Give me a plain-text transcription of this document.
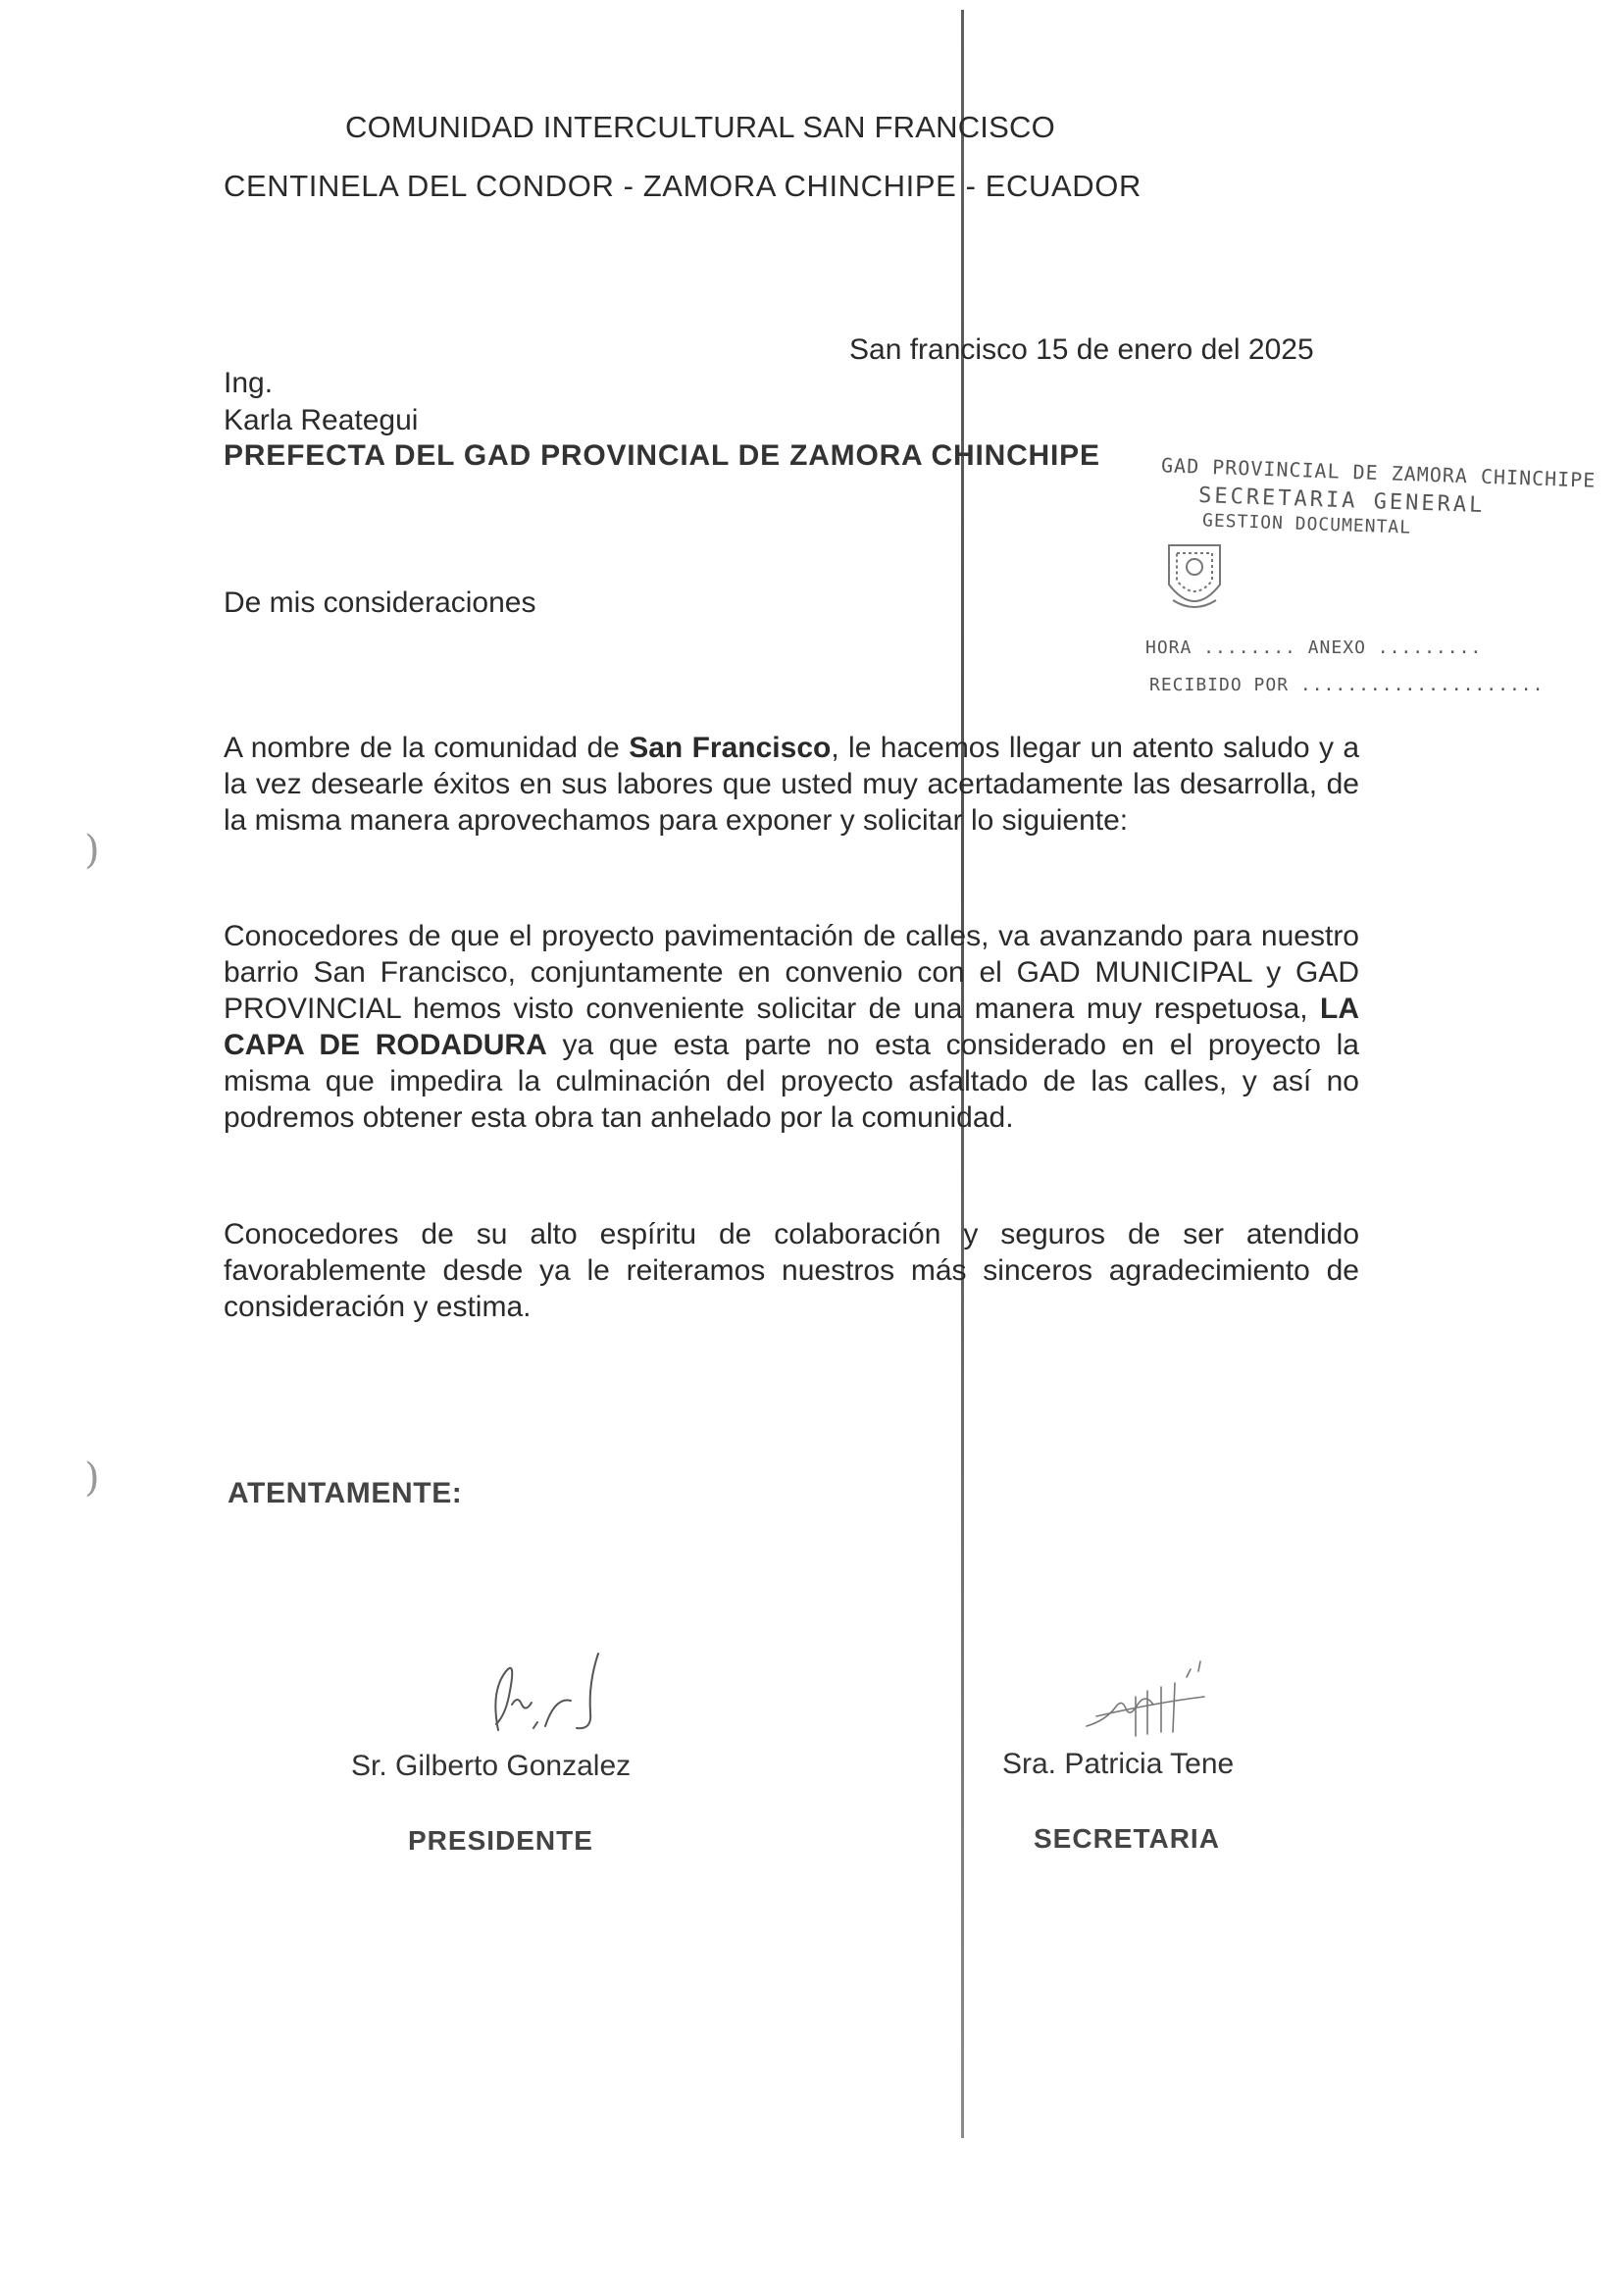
COMUNIDAD INTERCULTURAL SAN FRANCISCO
CENTINELA DEL CONDOR - ZAMORA CHINCHIPE - ECUADOR
San francisco 15 de enero del 2025
Ing.
Karla Reategui
PREFECTA DEL GAD PROVINCIAL DE ZAMORA CHINCHIPE	GAD PROVINCIAL DE ZAMORA CHINCHIPE
SECRETARIA GENERAL
GESTION DOCUMENTAL
HORA ........ ANEXO .........
RECIBIDO POR .....................
De mis consideraciones
A nombre de la comunidad de San Francisco, le hacemos llegar un atento saludo y a la vez desearle éxitos en sus labores que usted muy acertadamente las desarrolla, de la misma manera aprovechamos para exponer y solicitar lo siguiente:
Conocedores de que el proyecto pavimentación de calles, va avanzando para nuestro barrio San Francisco, conjuntamente en convenio con el GAD MUNICIPAL y GAD PROVINCIAL hemos visto conveniente solicitar de una manera muy respetuosa, LA CAPA DE RODADURA ya que esta parte no esta considerado en el proyecto la misma que impedira la culminación del proyecto asfaltado de las calles, y así no podremos obtener esta obra tan anhelado por la comunidad.
Conocedores de su alto espíritu de colaboración y seguros de ser atendido favorablemente desde ya le reiteramos nuestros más sinceros agradecimiento de consideración y estima.
ATENTAMENTE:
Sr. Gilberto Gonzalez	Sra. Patricia Tene
PRESIDENTE	SECRETARIA
)
)
